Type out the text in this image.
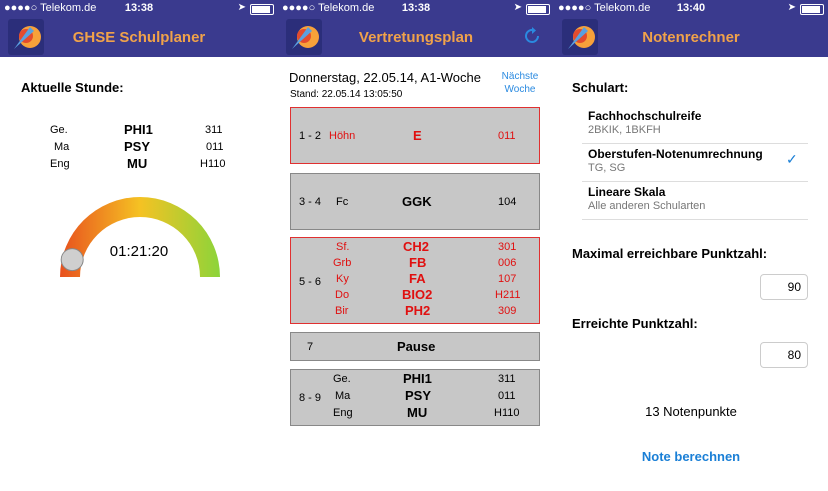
●●●●○ Telekom.de	13:38	➤
GHSE Schulplaner
Aktuelle Stunde:
Ge.	PHI1	311
Ma	PSY	011
Eng	MU	H110
01:21:20
●●●●○ Telekom.de	13:38	➤
Vertretungsplan
Donnerstag, 22.05.14, A1-Woche
Stand: 22.05.14 13:05:50
Nächste
Woche
1 - 2 Höhn	E	011
3 - 4 Fc	GGK	104
5 - 6
Sf.	CH2	301
Grb	FB	006
Ky	FA	107
Do	BIO2	H211
Bir	PH2	309
7	Pause
8 - 9
Ge.	PHI1	311
Ma	PSY	011
Eng	MU	H110
●●●●○ Telekom.de	13:40	➤
Notenrechner
Schulart:
Fachhochschulreife
2BKIK, 1BKFH
Oberstufen-Notenumrechnung
TG, SG
✓
Lineare Skala
Alle anderen Schularten
Maximal erreichbare Punktzahl:
90
Erreichte Punktzahl:
80
13 Notenpunkte
Note berechnen
